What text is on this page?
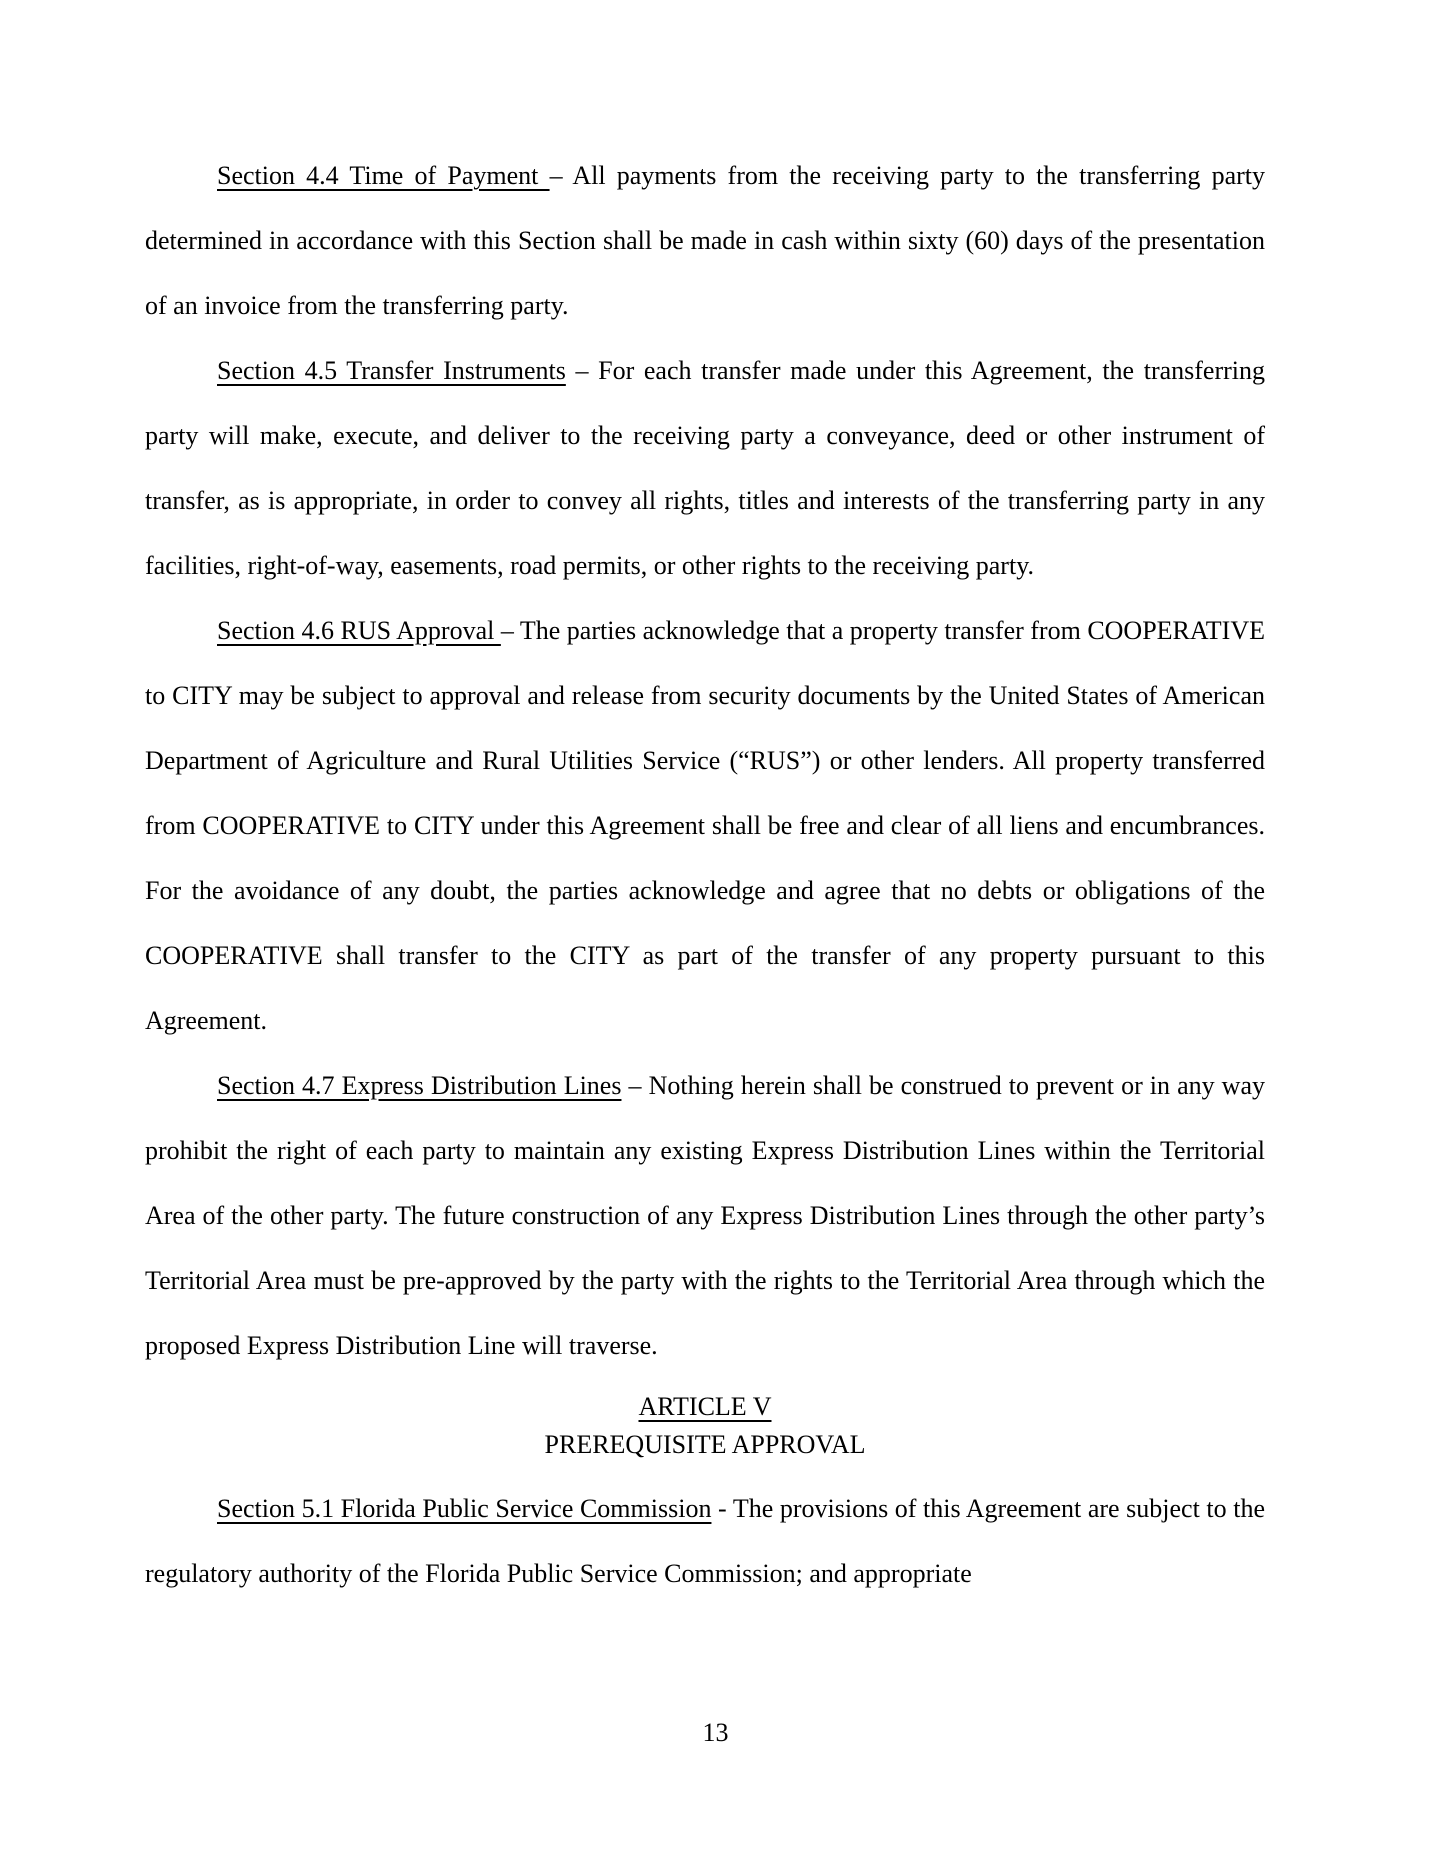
Section 4.4 Time of Payment – All payments from the receiving party to the transferring party determined in accordance with this Section shall be made in cash within sixty (60) days of the presentation of an invoice from the transferring party.

Section 4.5 Transfer Instruments – For each transfer made under this Agreement, the transferring party will make, execute, and deliver to the receiving party a conveyance, deed or other instrument of transfer, as is appropriate, in order to convey all rights, titles and interests of the transferring party in any facilities, right-of-way, easements, road permits, or other rights to the receiving party.

Section 4.6 RUS Approval – The parties acknowledge that a property transfer from COOPERATIVE to CITY may be subject to approval and release from security documents by the United States of American Department of Agriculture and Rural Utilities Service (“RUS”) or other lenders. All property transferred from COOPERATIVE to CITY under this Agreement shall be free and clear of all liens and encumbrances. For the avoidance of any doubt, the parties acknowledge and agree that no debts or obligations of the COOPERATIVE shall transfer to the CITY as part of the transfer of any property pursuant to this Agreement.

Section 4.7 Express Distribution Lines – Nothing herein shall be construed to prevent or in any way prohibit the right of each party to maintain any existing Express Distribution Lines within the Territorial Area of the other party. The future construction of any Express Distribution Lines through the other party’s Territorial Area must be pre-approved by the party with the rights to the Territorial Area through which the proposed Express Distribution Line will traverse.

ARTICLE V
PREREQUISITE APPROVAL

Section 5.1 Florida Public Service Commission - The provisions of this Agreement are subject to the regulatory authority of the Florida Public Service Commission; and appropriate

13
